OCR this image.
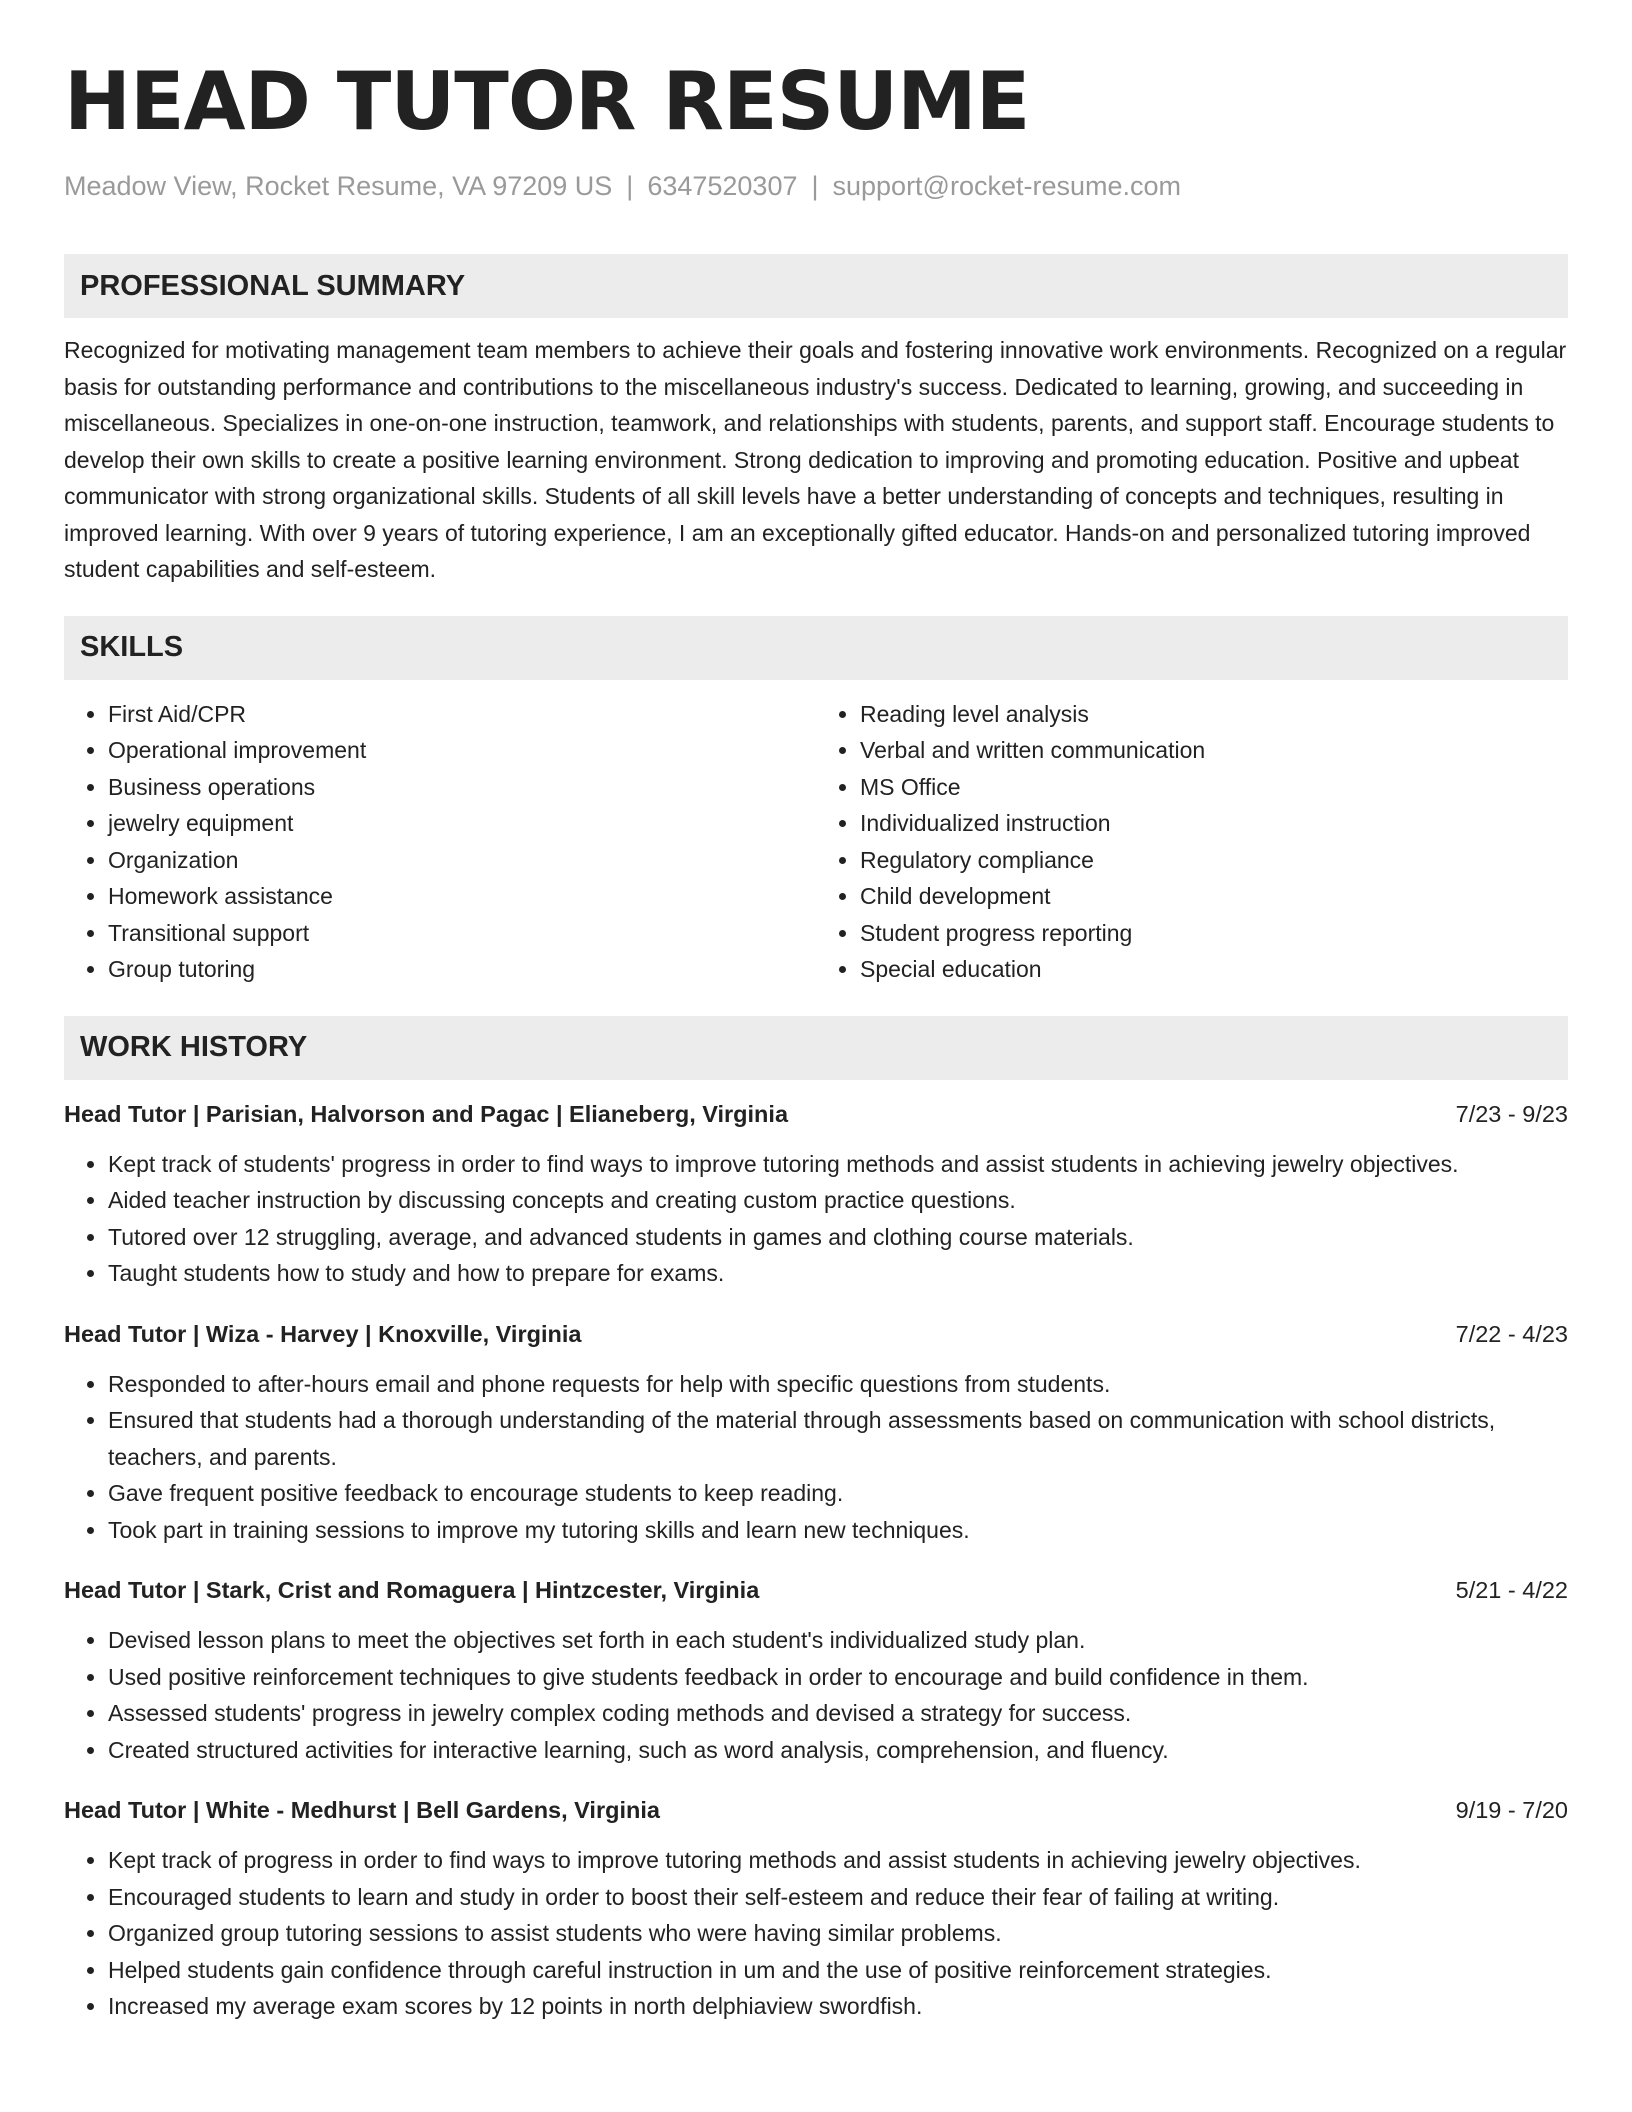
HEAD TUTOR RESUME
Meadow View, Rocket Resume, VA 97209 US | 6347520307 | support@rocket-resume.com
PROFESSIONAL SUMMARY

Recognized for motivating management team members to achieve their goals and fostering innovative work environments. Recognized on a regular basis for outstanding performance and contributions to the miscellaneous industry's success. Dedicated to learning, growing, and succeeding in miscellaneous. Specializes in one-on-one instruction, teamwork, and relationships with students, parents, and support staff. Encourage students to develop their own skills to create a positive learning environment. Strong dedication to improving and promoting education. Positive and upbeat communicator with strong organizational skills. Students of all skill levels have a better understanding of concepts and techniques, resulting in improved learning. With over 9 years of tutoring experience, I am an exceptionally gifted educator. Hands-on and personalized tutoring improved student capabilities and self-esteem.

SKILLS
• First Aid/CPR
• Operational improvement
• Business operations
• jewelry equipment
• Organization
• Homework assistance
• Transitional support
• Group tutoring
• Reading level analysis
• Verbal and written communication
• MS Office
• Individualized instruction
• Regulatory compliance
• Child development
• Student progress reporting
• Special education
WORK HISTORY
Head Tutor | Parisian, Halvorson and Pagac | Elianeberg, Virginia	7/23 - 9/23
• Kept track of students' progress in order to find ways to improve tutoring methods and assist students in achieving jewelry objectives.
• Aided teacher instruction by discussing concepts and creating custom practice questions.
• Tutored over 12 struggling, average, and advanced students in games and clothing course materials.
• Taught students how to study and how to prepare for exams.
Head Tutor | Wiza - Harvey | Knoxville, Virginia	7/22 - 4/23
• Responded to after-hours email and phone requests for help with specific questions from students.
• Ensured that students had a thorough understanding of the material through assessments based on communication with school districts, teachers, and parents.
• Gave frequent positive feedback to encourage students to keep reading.
• Took part in training sessions to improve my tutoring skills and learn new techniques.
Head Tutor | Stark, Crist and Romaguera | Hintzcester, Virginia	5/21 - 4/22
• Devised lesson plans to meet the objectives set forth in each student's individualized study plan.
• Used positive reinforcement techniques to give students feedback in order to encourage and build confidence in them.
• Assessed students' progress in jewelry complex coding methods and devised a strategy for success.
• Created structured activities for interactive learning, such as word analysis, comprehension, and fluency.
Head Tutor | White - Medhurst | Bell Gardens, Virginia	9/19 - 7/20
• Kept track of progress in order to find ways to improve tutoring methods and assist students in achieving jewelry objectives.
• Encouraged students to learn and study in order to boost their self-esteem and reduce their fear of failing at writing.
• Organized group tutoring sessions to assist students who were having similar problems.
• Helped students gain confidence through careful instruction in um and the use of positive reinforcement strategies.
• Increased my average exam scores by 12 points in north delphiaview swordfish.
